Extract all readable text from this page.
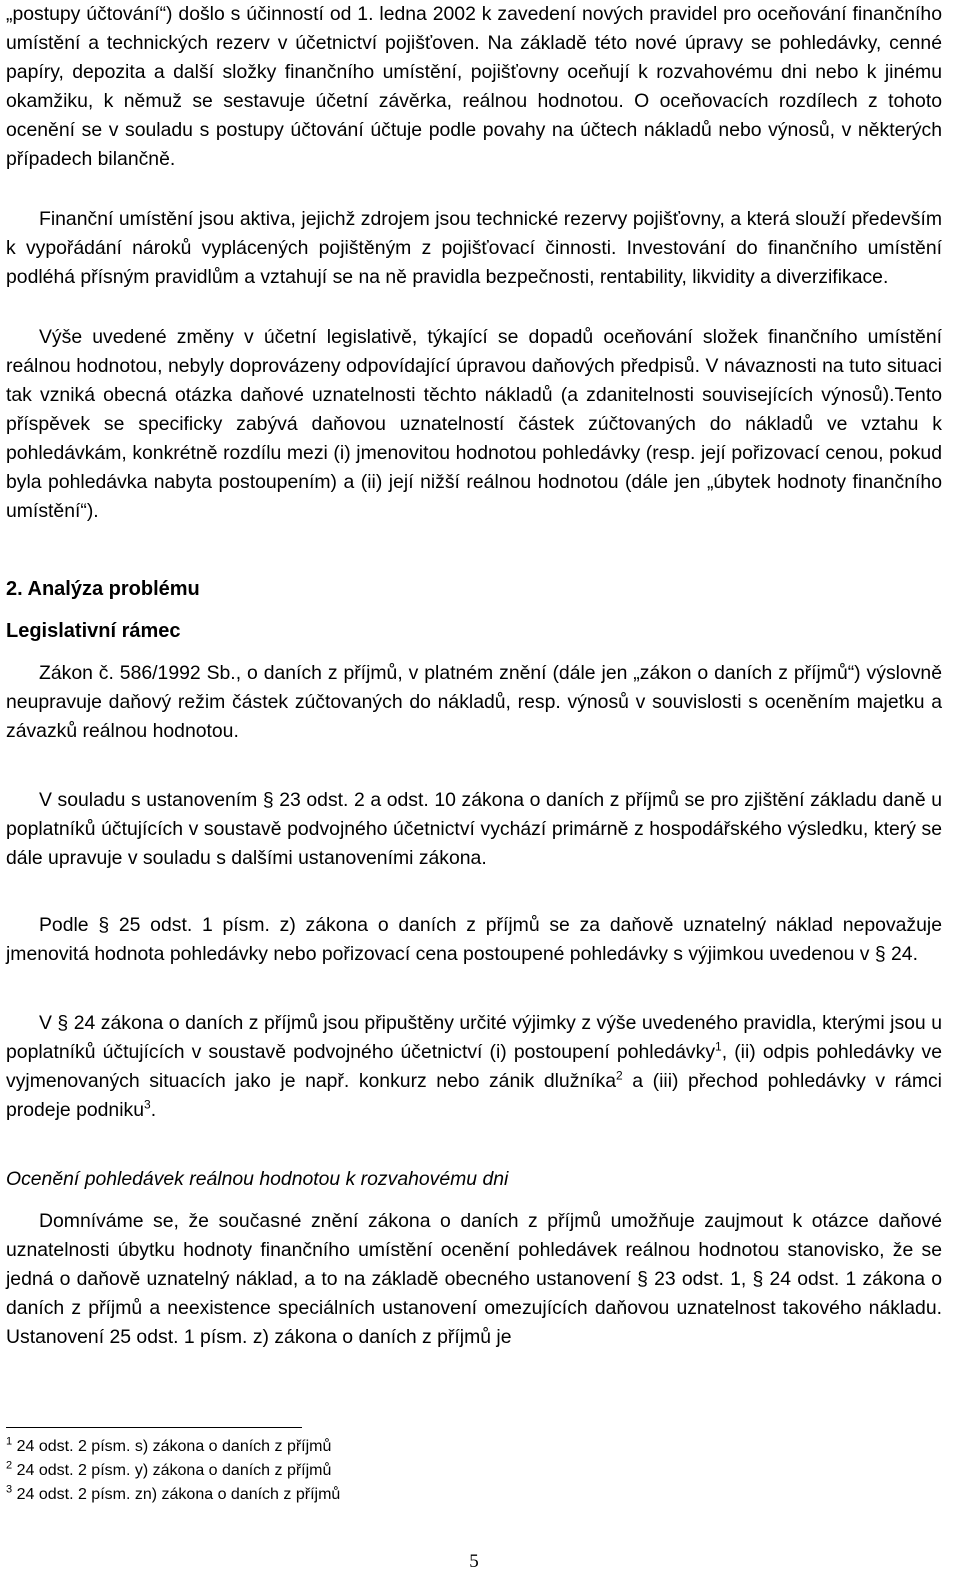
„postupy účtování“) došlo s účinností od 1. ledna 2002 k zavedení nových pravidel pro oceňování finančního umístění a technických rezerv v účetnictví pojišťoven. Na základě této nové úpravy se pohledávky, cenné papíry, depozita a další složky finančního umístění, pojišťovny oceňují k rozvahovému dni nebo k jinému okamžiku, k němuž se sestavuje účetní závěrka, reálnou hodnotou. O oceňovacích rozdílech z tohoto ocenění se v souladu s postupy účtování účtuje podle povahy na účtech nákladů nebo výnosů, v některých případech bilančně.

Finanční umístění jsou aktiva, jejichž zdrojem jsou technické rezervy pojišťovny, a která slouží především k vypořádání nároků vyplácených pojištěným z pojišťovací činnosti. Investování do finančního umístění podléhá přísným pravidlům a vztahují se na ně pravidla bezpečnosti, rentability, likvidity a diverzifikace.

Výše uvedené změny v účetní legislativě, týkající se dopadů oceňování složek finančního umístění reálnou hodnotou, nebyly doprovázeny odpovídající úpravou daňových předpisů. V návaznosti na tuto situaci tak vzniká obecná otázka daňové uznatelnosti těchto nákladů (a zdanitelnosti souvisejících výnosů).Tento příspěvek se specificky zabývá daňovou uznatelností částek zúčtovaných do nákladů ve vztahu k pohledávkám, konkrétně rozdílu mezi (i) jmenovitou hodnotou pohledávky (resp. její pořizovací cenou, pokud byla pohledávka nabyta postoupením) a (ii) její nižší reálnou hodnotou (dále jen „úbytek hodnoty finančního umístění“).

2. Analýza problému

Legislativní rámec

Zákon č. 586/1992 Sb., o daních z příjmů, v platném znění (dále jen „zákon o daních z příjmů“) výslovně neupravuje daňový režim částek zúčtovaných do nákladů, resp. výnosů v souvislosti s oceněním majetku a závazků reálnou hodnotou.

V souladu s ustanovením § 23 odst. 2 a odst. 10 zákona o daních z příjmů se pro zjištění základu daně u poplatníků účtujících v soustavě podvojného účetnictví vychází primárně z hospodářského výsledku, který se dále upravuje v souladu s dalšími ustanoveními zákona.

Podle § 25 odst. 1 písm. z) zákona o daních z příjmů se za daňově uznatelný náklad nepovažuje jmenovitá hodnota pohledávky nebo pořizovací cena postoupené pohledávky s výjimkou uvedenou v § 24.

V § 24 zákona o daních z příjmů jsou připuštěny určité výjimky z výše uvedeného pravidla, kterými jsou u poplatníků účtujících v soustavě podvojného účetnictví (i) postoupení pohledávky$^1$, (ii) odpis pohledávky ve vyjmenovaných situacích jako je např. konkurz nebo zánik dlužníka$^2$ a (iii) přechod pohledávky v rámci prodeje podniku$^3$.

Ocenění pohledávek reálnou hodnotou k rozvahovému dni

Domníváme se, že současné znění zákona o daních z příjmů umožňuje zaujmout k otázce daňové uznatelnosti úbytku hodnoty finančního umístění ocenění pohledávek reálnou hodnotou stanovisko, že se jedná o daňově uznatelný náklad, a to na základě obecného ustanovení § 23 odst. 1, § 24 odst. 1 zákona o daních z příjmů a neexistence speciálních ustanovení omezujících daňovou uznatelnost takového nákladu. Ustanovení 25 odst. 1 písm. z) zákona o daních z příjmů je

$^1$ 24 odst. 2 písm. s) zákona o daních z příjmů

$^2$ 24 odst. 2 písm. y) zákona o daních z příjmů

$^3$ 24 odst. 2 písm. zn) zákona o daních z příjmů

5
